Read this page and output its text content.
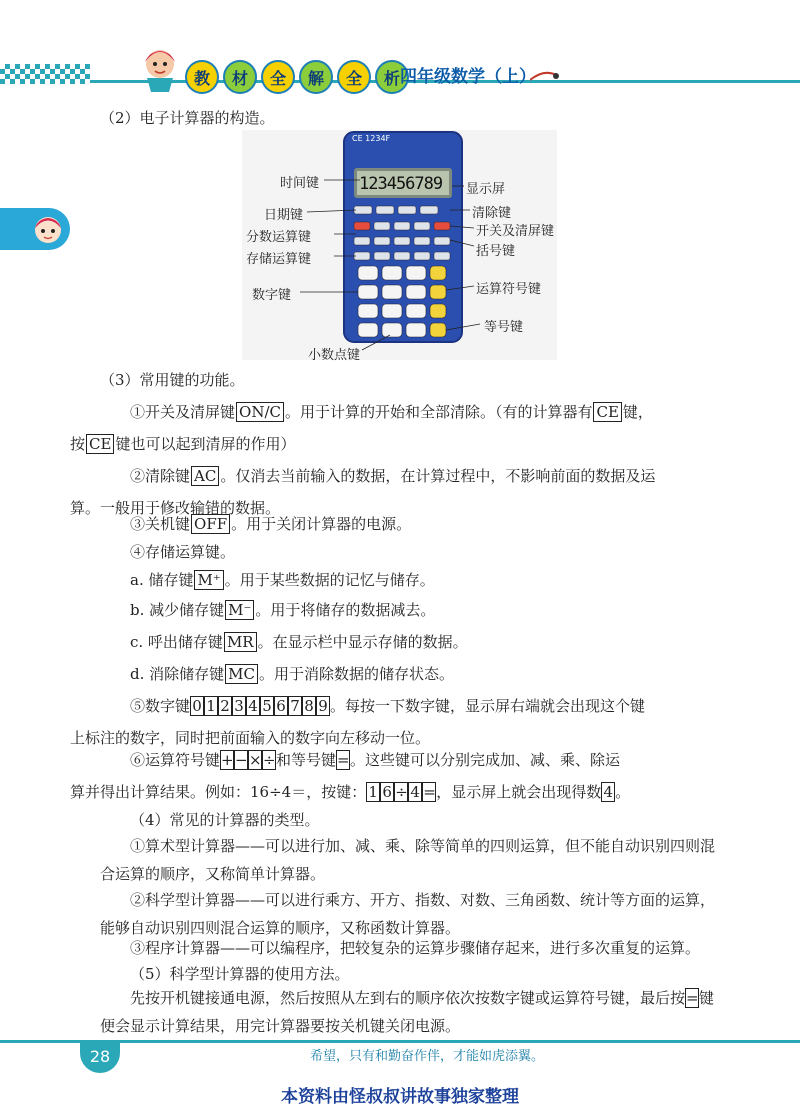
教	材	全	解	全	析 四年级数学（上）
（2）电子计算器的构造。
CE 1234F
123456789
时间键
日期键
分数运算键
存储运算键
数字键
小数点键
显示屏
清除键
开关及清屏键
括号键
运算符号键
等号键
（3）常用键的功能。
①开关及清屏键 ON/C 。用于计算的开始和全部清除。（有的计算器有 CE 键，
按 CE 键也可以起到清屏的作用）
②清除键 AC 。仅消去当前输入的数据，在计算过程中，不影响前面的数据及运
算。一般用于修改输错的数据。
③关机键 OFF 。用于关闭计算器的电源。
④存储运算键。
a. 储存键 M⁺ 。用于某些数据的记忆与储存。
b. 减少储存键 M⁻ 。用于将储存的数据减去。
c. 呼出储存键 MR 。在显示栏中显示存储的数据。
d. 消除储存键 MC 。用于消除数据的储存状态。
⑤数字键 0 1 2 3 4 5 6 7 8 9 。每按一下数字键，显示屏右端就会出现这个键
上标注的数字，同时把前面输入的数字向左移动一位。
⑥运算符号键+−×÷和等号键=。这些键可以分别完成加、减、乘、除运
算并得出计算结果。例如：16÷4＝，按键： 1 6 ÷ 4 =，显示屏上就会出现得数 4 。
（4）常见的计算器的类型。
①算术型计算器——可以进行加、减、乘、除等简单的四则运算，但不能自动识别四则混合运算的顺序，又称简单计算器。
②科学型计算器——可以进行乘方、开方、指数、对数、三角函数、统计等方面的运算，能够自动识别四则混合运算的顺序，又称函数计算器。
③程序计算器——可以编程序，把较复杂的运算步骤储存起来，进行多次重复的运算。
（5）科学型计算器的使用方法。
先按开机键接通电源，然后按照从左到右的顺序依次按数字键或运算符号键，最后按=键便会显示计算结果，用完计算器要按关机键关闭电源。
28	希望，只有和勤奋作伴，才能如虎添翼。
本资料由怪叔叔讲故事独家整理
